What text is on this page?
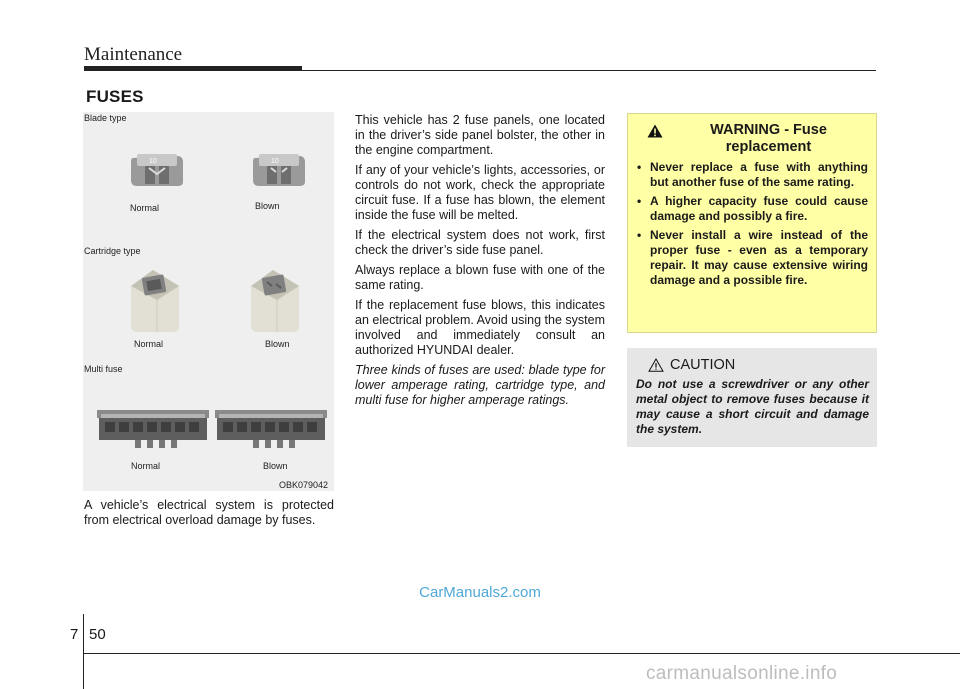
Maintenance
FUSES
Blade type
10
Normal
10
Blown
Cartridge type
Normal	Blown
Multi fuse
Normal	Blown
OBK079042
A vehicle’s electrical system is protected from electrical overload damage by fuses.

This vehicle has 2 fuse panels, one located in the driver’s side panel bolster, the other in the engine compartment.

If any of your vehicle’s lights, accessories, or controls do not work, check the appropriate circuit fuse. If a fuse has blown, the element inside the fuse will be melted.

If the electrical system does not work, first check the driver’s side fuse panel.

Always replace a blown fuse with one of the same rating.

If the replacement fuse blows, this indicates an electrical problem. Avoid using the system involved and immediately consult an authorized HYUNDAI dealer.

Three kinds of fuses are used: blade type for lower amperage rating, cartridge type, and multi fuse for higher amperage ratings.

WARNING - Fuse replacement
• Never replace a fuse with anything but another fuse of the same rating.
• A higher capacity fuse could cause damage and possibly a fire.
• Never install a wire instead of the proper fuse - even as a temporary repair. It may cause extensive wiring damage and a possible fire.
CAUTION
Do not use a screwdriver or any other metal object to remove fuses because it may cause a short circuit and damage the system.
CarManuals2.com
7 50
carmanualsonline.info
